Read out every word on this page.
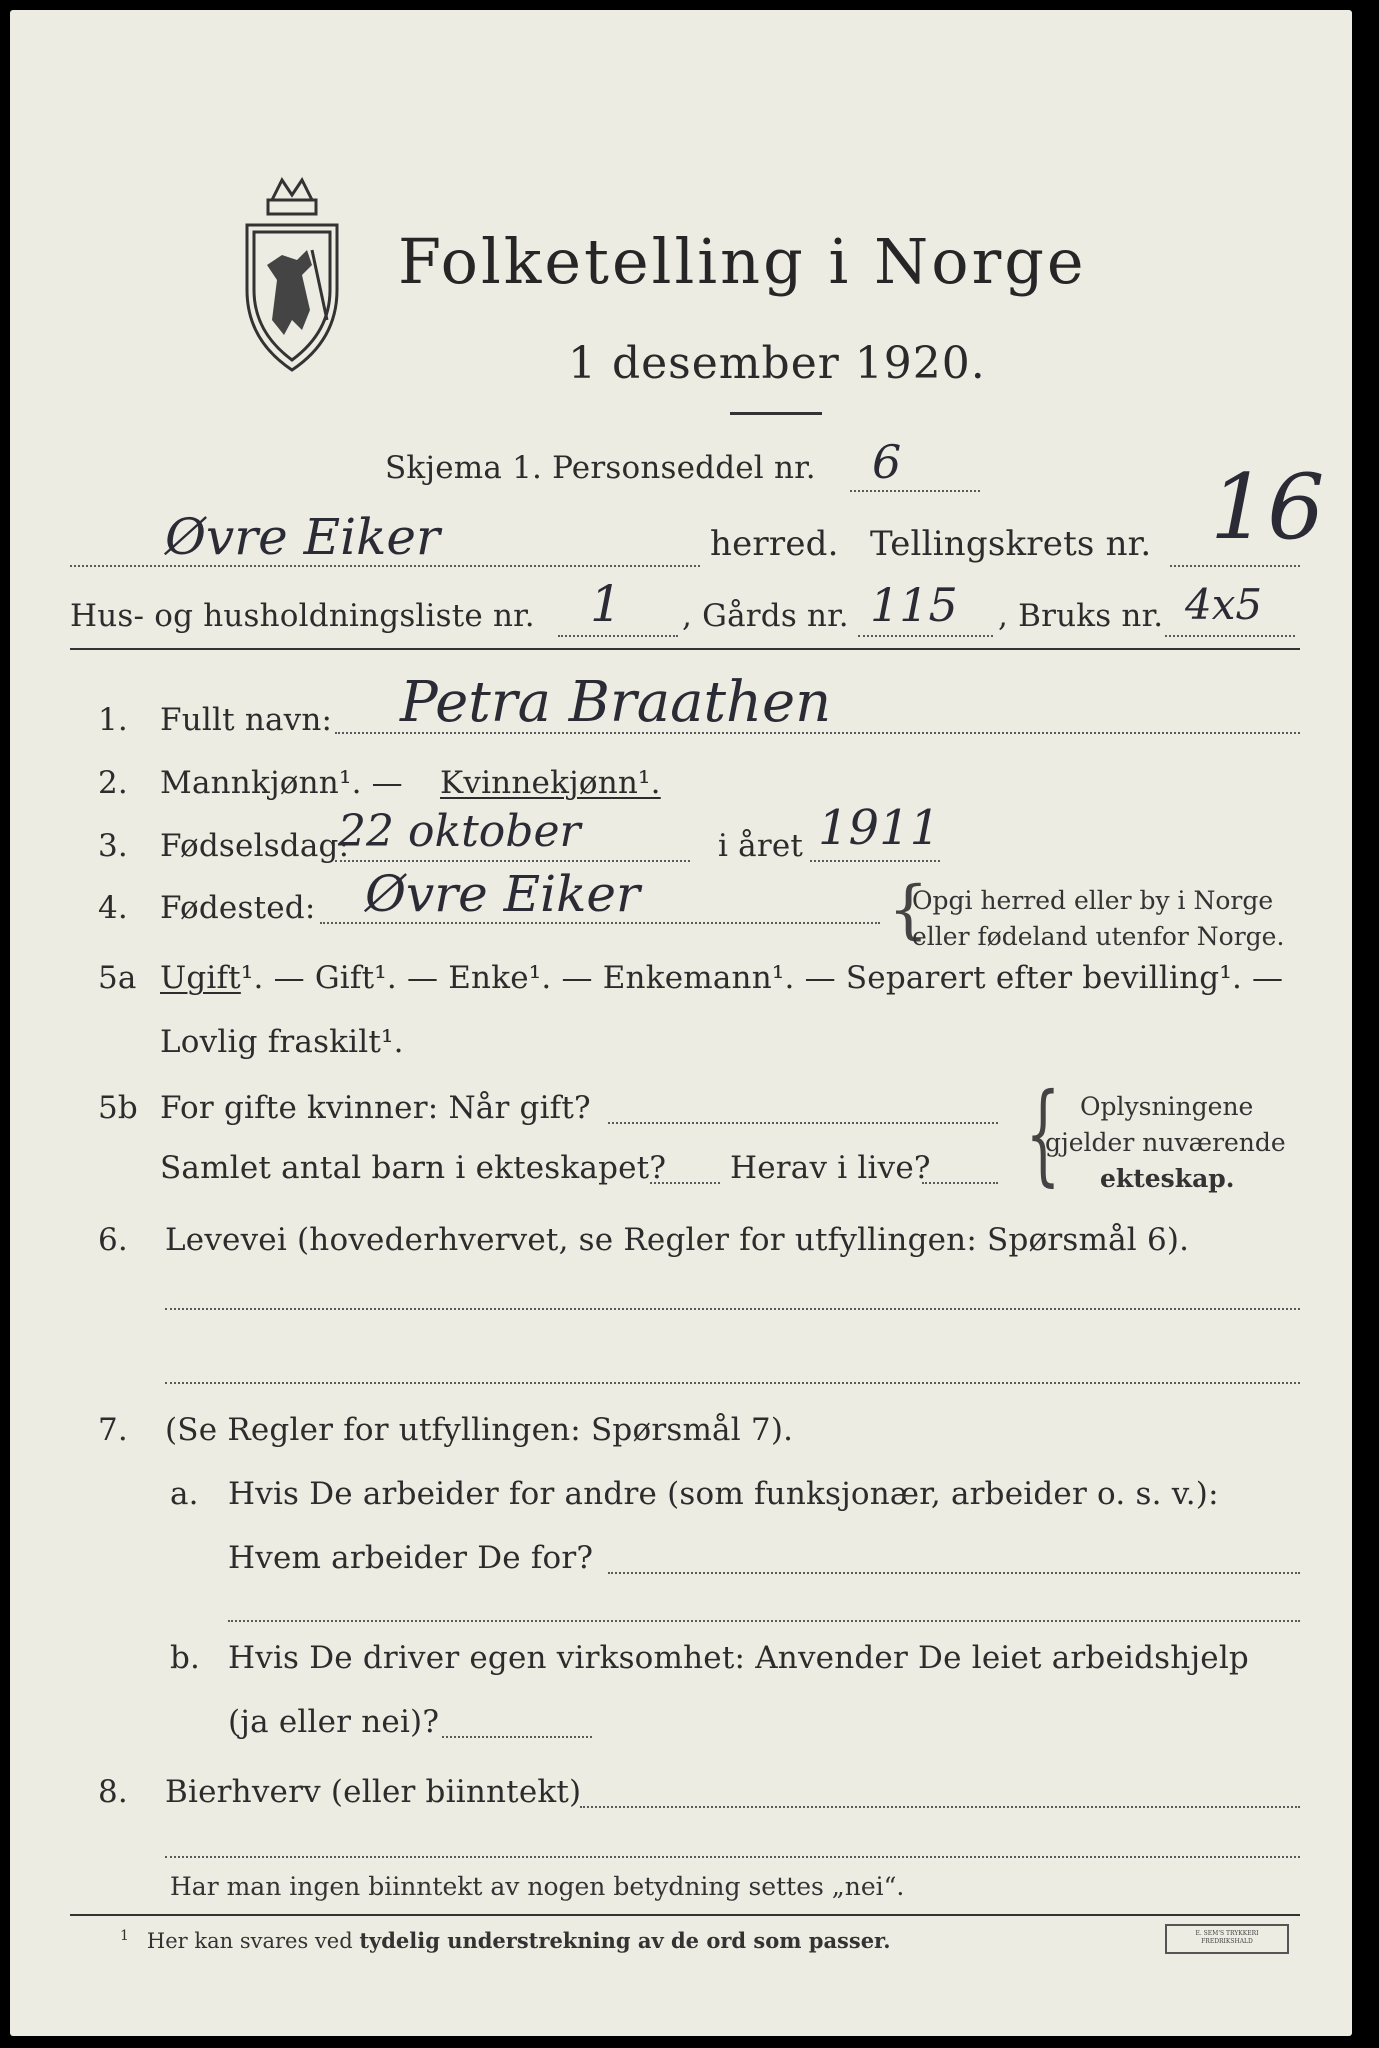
Folketelling i Norge
1 desember 1920.
Skjema 1. Personseddel nr. 6
Øvre Eiker	herred. Tellingskrets nr. 16
Hus- og husholdningsliste nr. 1 , Gårds nr. 115 , Bruks nr. 4x5
1. Fullt navn: Petra Braathen
2. Mannkjønn¹. — Kvinnekjønn¹.
3. Fødselsdag:
22 oktober	i året 1911
4. Fødested: Øvre Eiker	{
Opgi herred eller by i Norge
eller fødeland utenfor Norge.
5a Ugift¹. — Gift¹. — Enke¹. — Enkemann¹. — Separert efter bevilling¹. —
Lovlig fraskilt¹.
5b For gifte kvinner: Når gift?
Samlet antal barn i ekteskapet? Herav i live? { Oplysningene
gjelder nuværende
ekteskap.
6. Levevei (hovederhvervet, se Regler for utfyllingen: Spørsmål 6).
7. (Se Regler for utfyllingen: Spørsmål 7).
a. Hvis De arbeider for andre (som funksjonær, arbeider o. s. v.):
Hvem arbeider De for?
b. Hvis De driver egen virksomhet: Anvender De leiet arbeidshjelp
(ja eller nei)?
8. Bierhverv (eller biinntekt)
Har man ingen biinntekt av nogen betydning settes „nei“.
$^1$ Her kan svares ved tydelig understrekning av de ord som passer.	E. SEM'S TRYKKERI FREDRIKSHALD
